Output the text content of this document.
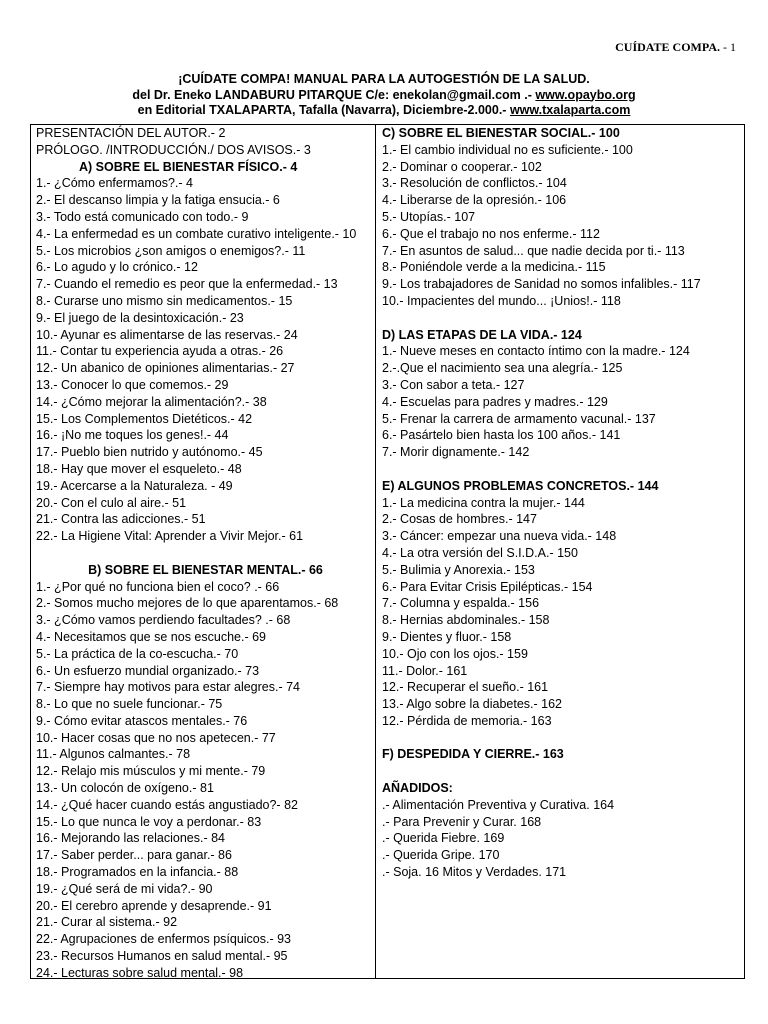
CUÍDATE COMPA. - 1
¡CUÍDATE COMPA! MANUAL PARA LA AUTOGESTIÓN DE LA SALUD.
del Dr. Eneko LANDABURU PITARQUE C/e: enekolan@gmail.com .- www.opaybo.org
en Editorial TXALAPARTA, Tafalla (Navarra), Diciembre-2.000.- www.txalaparta.com
PRESENTACIÓN DEL AUTOR.- 2
PRÓLOGO. /INTRODUCCIÓN./ DOS AVISOS.- 3
A) SOBRE EL BIENESTAR FÍSICO.- 4
1.- ¿Cómo enfermamos?.- 4
2.- El descanso limpia y la fatiga ensucia.- 6
3.- Todo está comunicado con todo.- 9
4.- La enfermedad es un combate curativo inteligente.- 10
5.- Los microbios ¿son amigos o enemigos?.- 11
6.- Lo agudo y lo crónico.- 12
7.- Cuando el remedio es peor que la enfermedad.- 13
8.- Curarse uno mismo sin medicamentos.- 15
9.- El juego de la desintoxicación.- 23
10.- Ayunar es alimentarse de las reservas.- 24
11.- Contar tu experiencia ayuda a otras.- 26
12.- Un abanico de opiniones alimentarias.- 27
13.- Conocer lo que comemos.- 29
14.- ¿Cómo mejorar la alimentación?.- 38
15.- Los Complementos Dietéticos.- 42
16.- ¡No me toques los genes!.- 44
17.- Pueblo bien nutrido y autónomo.- 45
18.- Hay que mover el esqueleto.- 48
19.- Acercarse a la Naturaleza. - 49
20.- Con el culo al aire.- 51
21.- Contra las adicciones.- 51
22.- La Higiene Vital: Aprender a Vivir Mejor.- 61
B) SOBRE EL BIENESTAR MENTAL.- 66
1.- ¿Por qué no funciona bien el coco? .- 66
2.- Somos mucho mejores de lo que aparentamos.- 68
3.- ¿Cómo vamos perdiendo facultades? .- 68
4.- Necesitamos que se nos escuche.- 69
5.- La práctica de la co-escucha.- 70
6.- Un esfuerzo mundial organizado.- 73
7.- Siempre hay motivos para estar alegres.- 74
8.- Lo que no suele funcionar.- 75
9.- Cómo evitar atascos mentales.- 76
10.- Hacer cosas que no nos apetecen.- 77
11.- Algunos calmantes.- 78
12.- Relajo mis músculos y mi mente.- 79
13.- Un colocón de oxígeno.- 81
14.- ¿Qué hacer cuando estás angustiado?- 82
15.- Lo que nunca le voy a perdonar.- 83
16.- Mejorando las relaciones.- 84
17.- Saber perder... para ganar.- 86
18.- Programados en la infancia.- 88
19.- ¿Qué será de mi vida?.- 90
20.- El cerebro aprende y desaprende.- 91
21.- Curar al sistema.- 92
22.- Agrupaciones de enfermos psíquicos.- 93
23.- Recursos Humanos en salud mental.- 95
24.- Lecturas sobre salud mental.- 98
C) SOBRE EL BIENESTAR SOCIAL.- 100
1.- El cambio individual no es suficiente.- 100
2.- Dominar o cooperar.- 102
3.- Resolución de conflictos.- 104
4.- Liberarse de la opresión.- 106
5.- Utopías.- 107
6.- Que el trabajo no nos enferme.- 112
7.- En asuntos de salud... que nadie decida por ti.- 113
8.- Poniéndole verde a la medicina.- 115
9.- Los trabajadores de Sanidad no somos infalibles.- 117
10.- Impacientes del mundo... ¡Unios!.- 118
D) LAS ETAPAS DE LA VIDA.- 124
1.- Nueve meses en contacto íntimo con la madre.- 124
2.-.Que el nacimiento sea una alegría.- 125
3.- Con sabor a teta.- 127
4.- Escuelas para padres y madres.- 129
5.- Frenar la carrera de armamento vacunal.- 137
6.- Pasártelo bien hasta los 100 años.- 141
7.- Morir dignamente.- 142
E) ALGUNOS PROBLEMAS CONCRETOS.- 144
1.- La medicina contra la mujer.- 144
2.- Cosas de hombres.- 147
3.- Cáncer: empezar una nueva vida.- 148
4.- La otra versión del S.I.D.A.- 150
5.- Bulimia y Anorexia.- 153
6.- Para Evitar Crisis Epilépticas.- 154
7.- Columna y espalda.- 156
8.- Hernias abdominales.- 158
9.- Dientes y fluor.- 158
10.- Ojo con los ojos.- 159
11.- Dolor.- 161
12.- Recuperar el sueño.- 161
13.- Algo sobre la diabetes.- 162
12.- Pérdida de memoria.- 163
F) DESPEDIDA Y CIERRE.- 163
AÑADIDOS:
.- Alimentación Preventiva y Curativa. 164
.- Para Prevenir y Curar. 168
.- Querida Fiebre. 169
.- Querida Gripe. 170
.- Soja. 16 Mitos y Verdades. 171
